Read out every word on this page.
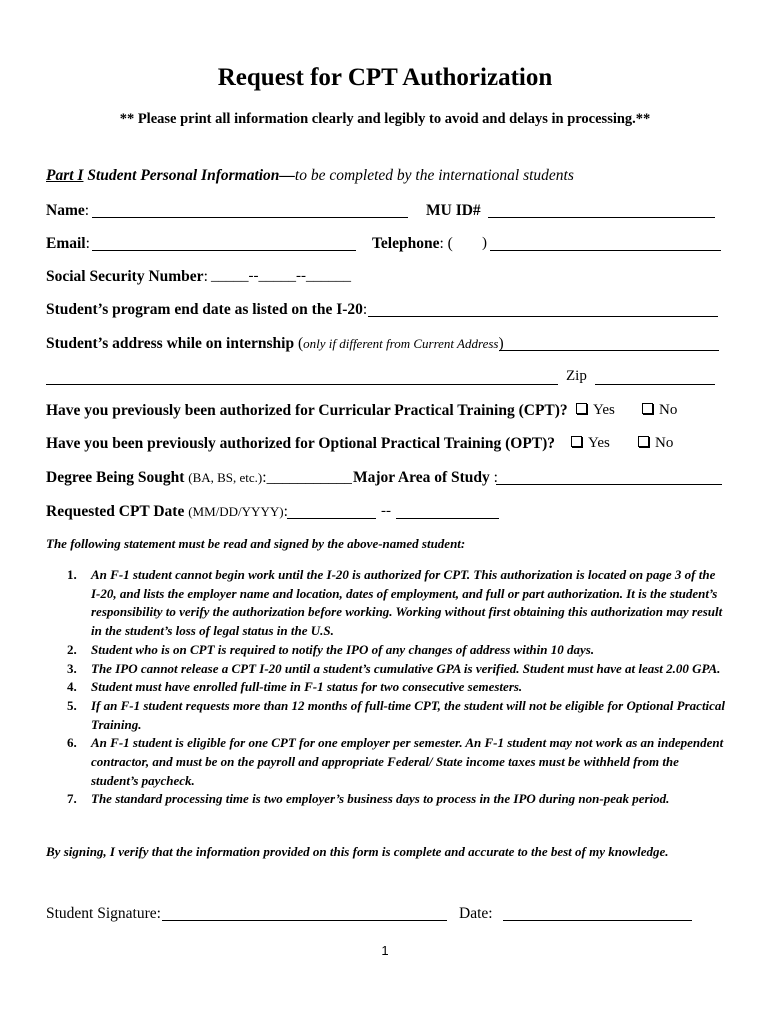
Request for CPT Authorization
** Please print all information clearly and legibly to avoid and delays in processing.**
Part I Student Personal Information—to be completed by the international students
Name:	MU ID#
Email:	Telephone: ( )
Social Security Number: _____--_____--______
Student’s program end date as listed on the I-20:
Student’s address while on internship (only if different from Current Address)
Zip
Have you previously been authorized for Curricular Practical Training (CPT)?	Yes	No
Have you been previously authorized for Optional Practical Training (OPT)?	Yes	No
Degree Being Sought (BA, BS, etc.):___________ Major Area of Study :
Requested CPT Date (MM/DD/YYYY):	--
The following statement must be read and signed by the above-named student:
1. An F-1 student cannot begin work until the I-20 is authorized for CPT. This authorization is located on page 3 of the I-20, and lists the employer name and location, dates of employment, and full or part authorization. It is the student’s responsibility to verify the authorization before working. Working without first obtaining this authorization may result in the student’s loss of legal status in the U.S.
2. Student who is on CPT is required to notify the IPO of any changes of address within 10 days.
3. The IPO cannot release a CPT I-20 until a student’s cumulative GPA is verified. Student must have at least 2.00 GPA.
4. Student must have enrolled full-time in F-1 status for two consecutive semesters.
5. If an F-1 student requests more than 12 months of full-time CPT, the student will not be eligible for Optional Practical Training.
6. An F-1 student is eligible for one CPT for one employer per semester. An F-1 student may not work as an independent contractor, and must be on the payroll and appropriate Federal/ State income taxes must be withheld from the student’s paycheck.
7. The standard processing time is two employer’s business days to process in the IPO during non-peak period.
By signing, I verify that the information provided on this form is complete and accurate to the best of my knowledge.
Student Signature:	Date:
1
